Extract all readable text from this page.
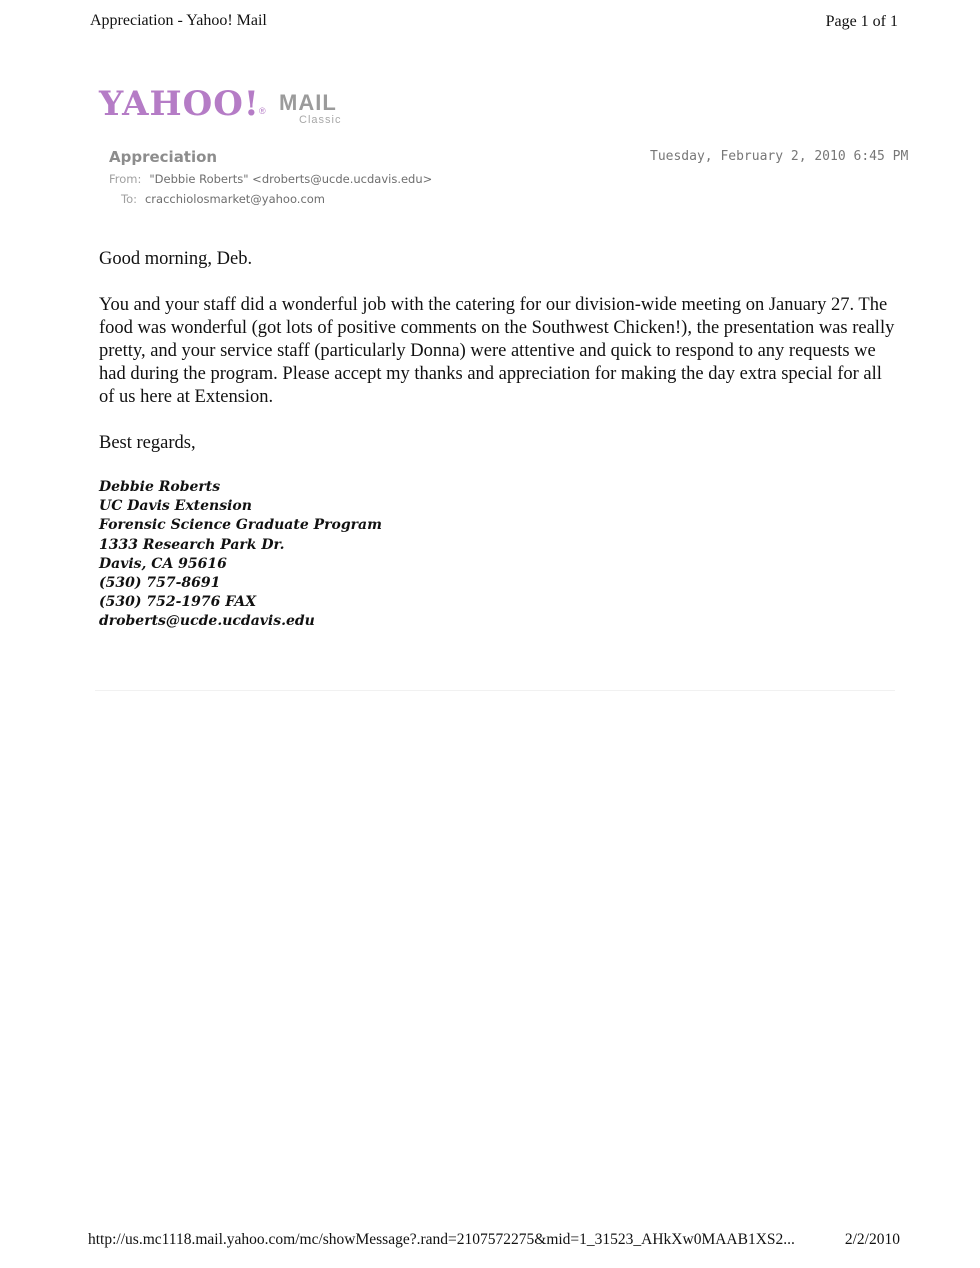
Appreciation - Yahoo! Mail	Page 1 of 1
YAHOO! ® MAIL
Classic
Appreciation	Tuesday, February 2, 2010 6:45 PM
From: "Debbie Roberts" <droberts@ucde.ucdavis.edu>
To: cracchiolosmarket@yahoo.com

Good morning, Deb.

You and your staff did a wonderful job with the catering for our division-wide meeting on January 27. The food was wonderful (got lots of positive comments on the Southwest Chicken!), the presentation was really pretty, and your service staff (particularly Donna) were attentive and quick to respond to any requests we had during the program. Please accept my thanks and appreciation for making the day extra special for all of us here at Extension.

Best regards,

Debbie Roberts
UC Davis Extension
Forensic Science Graduate Program
1333 Research Park Dr.
Davis, CA 95616
(530) 757-8691
(530) 752-1976 FAX
droberts@ucde.ucdavis.edu
http://us.mc1118.mail.yahoo.com/mc/showMessage?.rand=2107572275&mid=1_31523_AHkXw0MAAB1XS2...	2/2/2010
